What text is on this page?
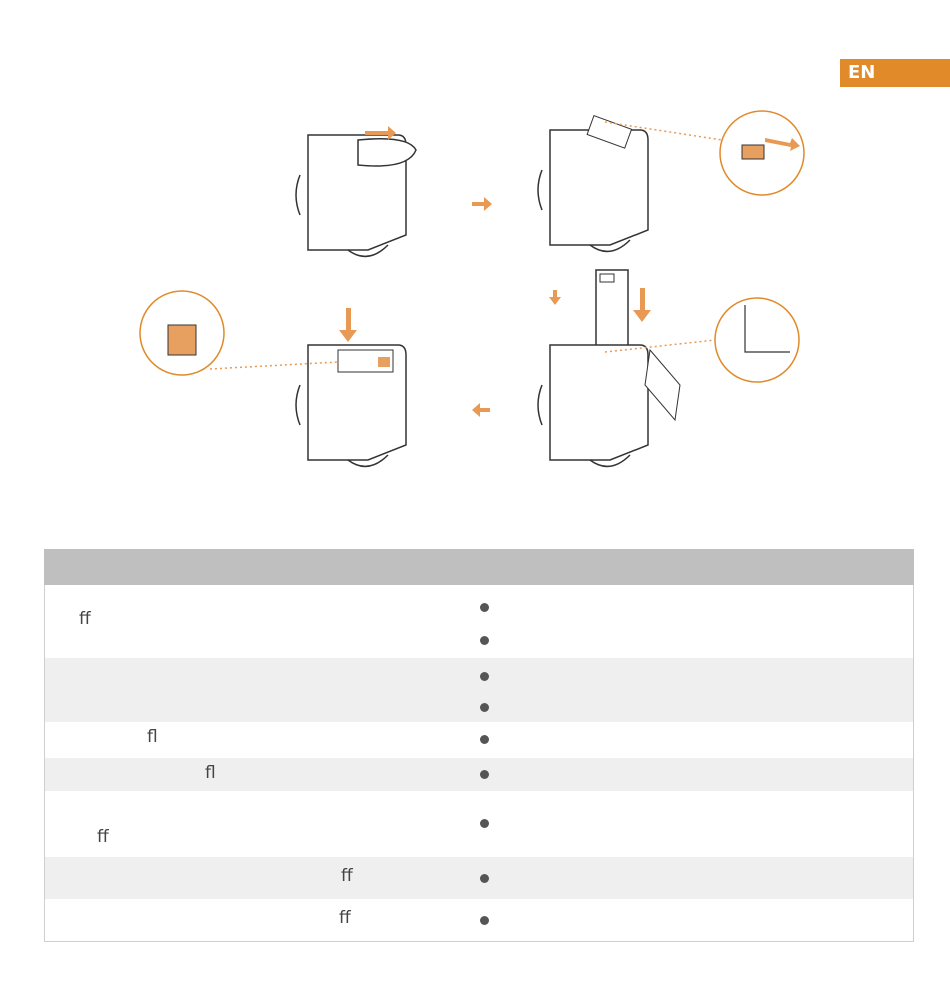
EN
ff
fl
fl
ff
ff
ff
